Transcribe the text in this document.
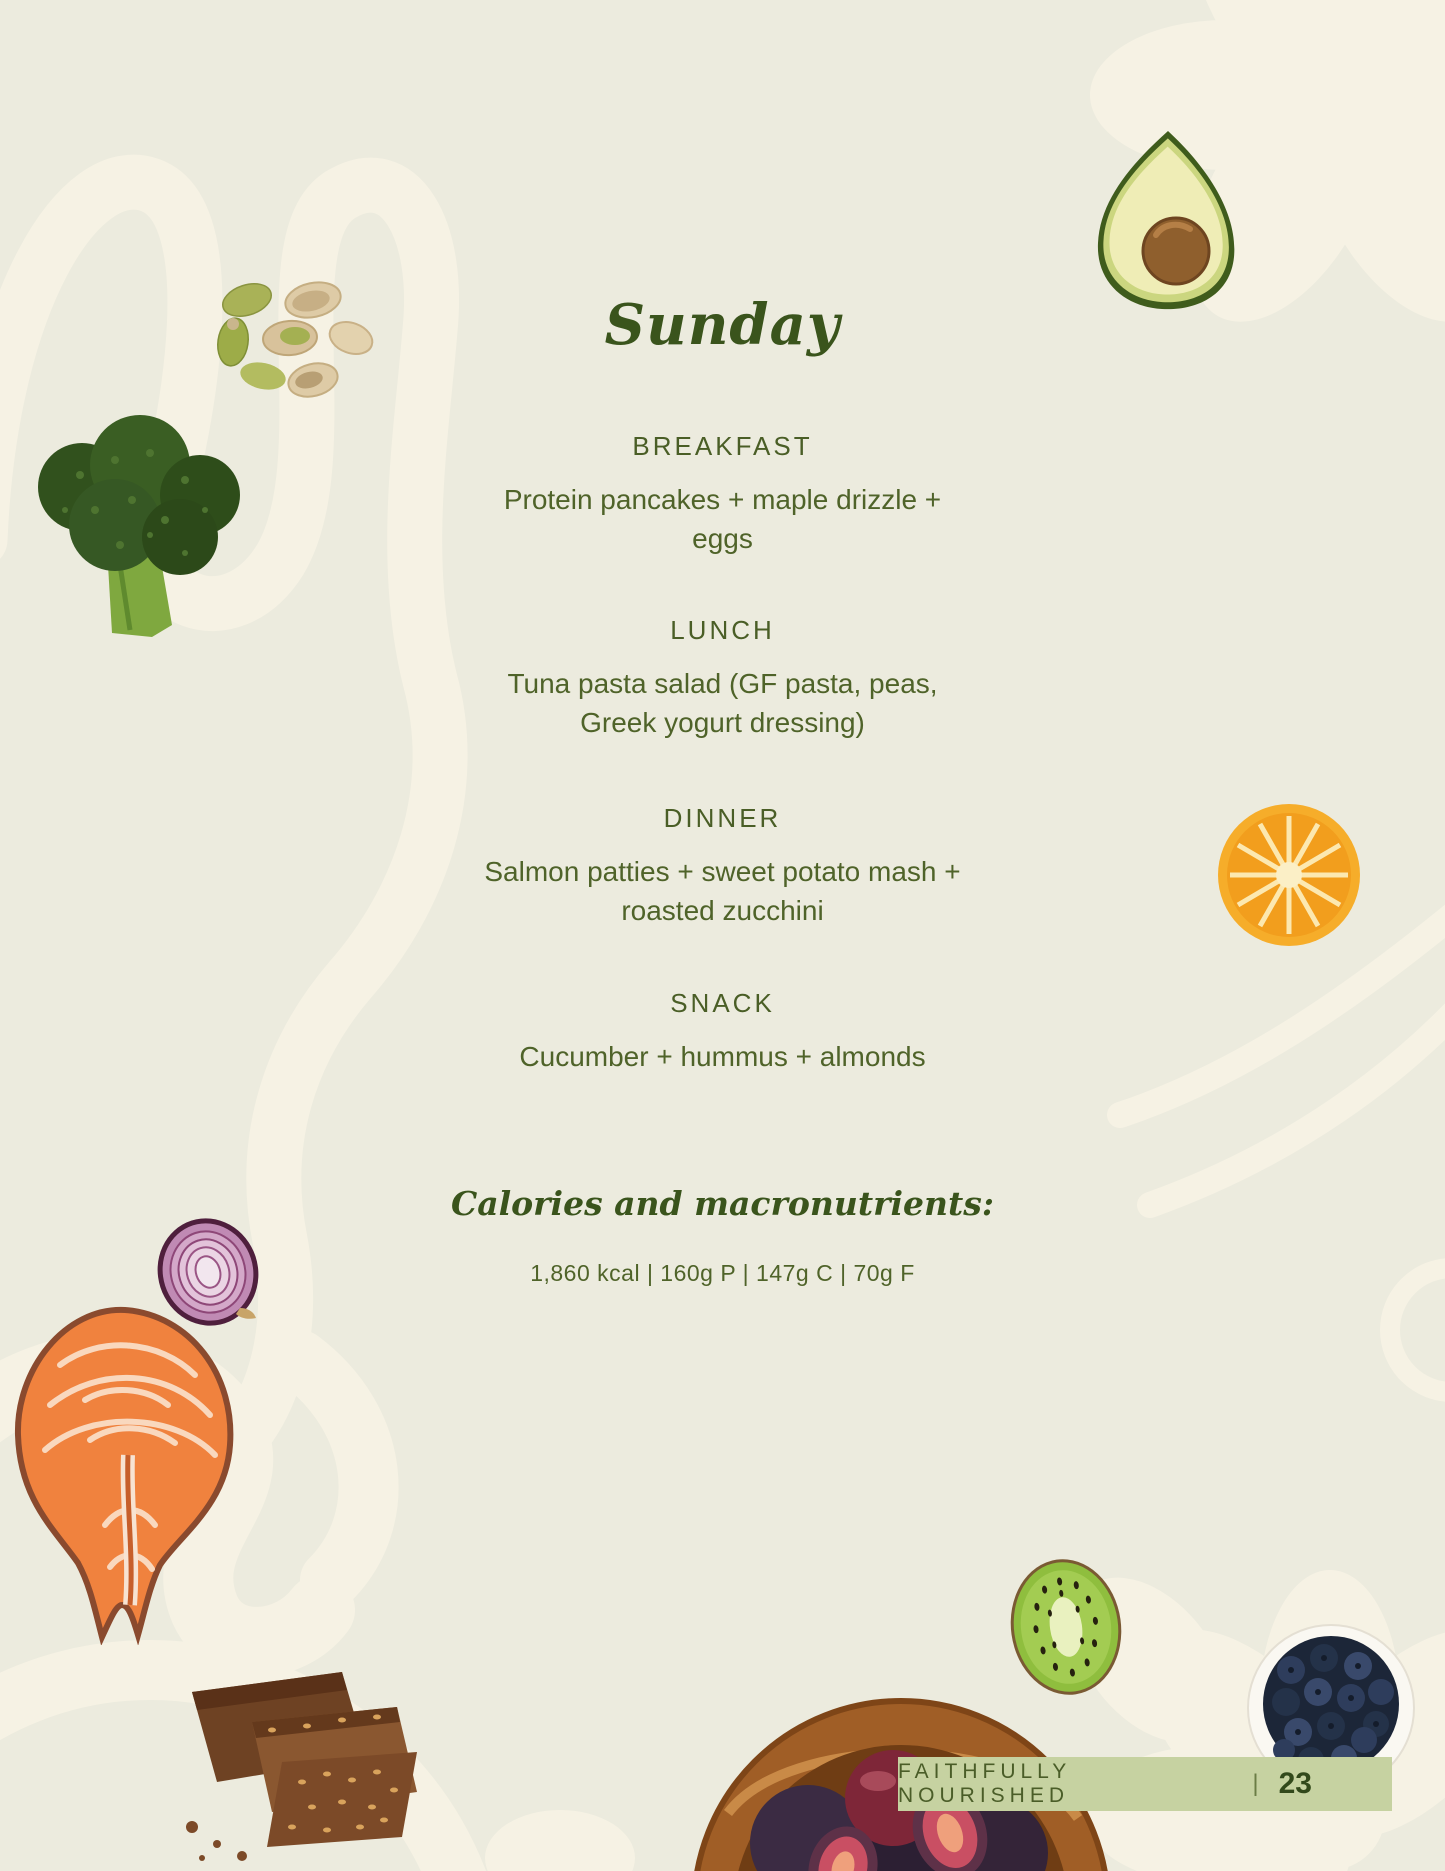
Sunday
BREAKFAST
Protein pancakes + maple drizzle +
eggs
LUNCH
Tuna pasta salad (GF pasta, peas,
Greek yogurt dressing)
DINNER
Salmon patties + sweet potato mash +
roasted zucchini
SNACK
Cucumber + hummus + almonds
Calories and macronutrients:
1,860 kcal | 160g P | 147g C | 70g F
FAITHFULLY NOURISHED	| 23
